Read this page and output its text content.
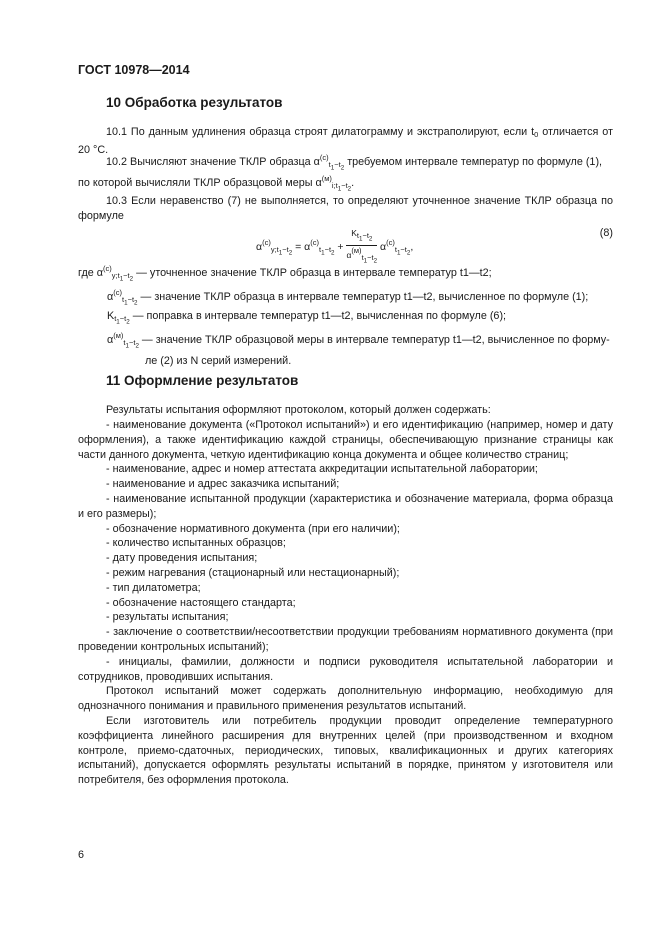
ГОСТ 10978—2014
10 Обработка результатов
10.1 По данным удлинения образца строят дилатограмму и экстраполируют, если t0 отличается от 20 °С.
10.2 Вычисляют значение ТКЛР образца $\alpha^{(с)}t_1-t_2$ требуемом интервале температур по формуле (1),
по которой вычисляли ТКЛР образцовой меры $\alpha^{(м)}i;t_1-t_2$.
10.3 Если неравенство (7) не выполняется, то определяют уточненное значение ТКЛР образца по формуле
$\alpha^{(с)}y;t_1-t_2 = \alpha^{(с)}t_1-t_2 + \frac{Kt_1-t_2}{\alpha(м)t_1-t_2} \alpha^{(с)}t_1-t_2$,
(8)
где $\alpha^{(с)}y;t_1-t_2$ — уточненное значение ТКЛР образца в интервале температур t1—t2;
$\alpha^{(с)}t_1-t_2$ — значение ТКЛР образца в интервале температур t1—t2, вычисленное по формуле (1);
$Kt_1-t_2$ — поправка в интервале температур t1—t2, вычисленная по формуле (6);
$\alpha^{(м)}t_1-t_2$ — значение ТКЛР образцовой меры в интервале температур t1—t2, вычисленное по форму-
ле (2) из N серий измерений.
11 Оформление результатов
Результаты испытания оформляют протоколом, который должен содержать:
- наименование документа («Протокол испытаний») и его идентификацию (например, номер и дату оформления), а также идентификацию каждой страницы, обеспечивающую признание страницы как части данного документа, четкую идентификацию конца документа и общее количество страниц;
- наименование, адрес и номер аттестата аккредитации испытательной лаборатории;
- наименование и адрес заказчика испытаний;
- наименование испытанной продукции (характеристика и обозначение материала, форма образца и его размеры);
- обозначение нормативного документа (при его наличии);
- количество испытанных образцов;
- дату проведения испытания;
- режим нагревания (стационарный или нестационарный);
- тип дилатометра;
- обозначение настоящего стандарта;
- результаты испытания;
- заключение о соответствии/несоответствии продукции требованиям нормативного документа (при проведении контрольных испытаний);
- инициалы, фамилии, должности и подписи руководителя испытательной лаборатории и сотрудников, проводивших испытания.
Протокол испытаний может содержать дополнительную информацию, необходимую для однозначного понимания и правильного применения результатов испытаний.
Если изготовитель или потребитель продукции проводит определение температурного коэффициента линейного расширения для внутренних целей (при производственном и входном контроле, приемо-сдаточных, периодических, типовых, квалификационных и других категориях испытаний), допускается оформлять результаты испытаний в порядке, принятом у изготовителя или потребителя, без оформления протокола.
6
